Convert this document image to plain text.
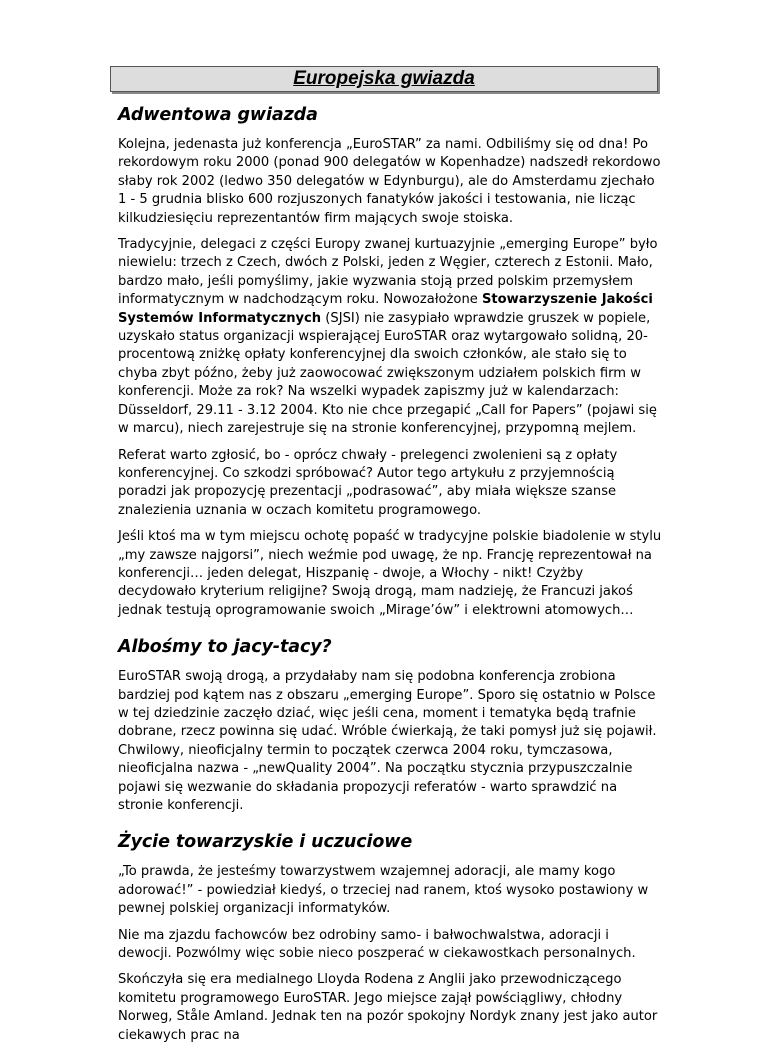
Europejska gwiazda
Adwentowa gwiazda

Kolejna, jedenasta już konferencja „EuroSTAR” za nami. Odbiliśmy się od dna! Po rekordowym roku 2000 (ponad 900 delegatów w Kopenhadze) nadszedł rekordowo słaby rok 2002 (ledwo 350 delegatów w Edynburgu), ale do Amsterdamu zjechało 1 - 5 grudnia blisko 600 rozjuszonych fanatyków jakości i testowania, nie licząc kilkudziesięciu reprezentantów firm mających swoje stoiska.

Tradycyjnie, delegaci z części Europy zwanej kurtuazyjnie „emerging Europe” było niewielu: trzech z Czech, dwóch z Polski, jeden z Węgier, czterech z Estonii. Mało, bardzo mało, jeśli pomyślimy, jakie wyzwania stoją przed polskim przemysłem informatycznym w nadchodzącym roku. Nowozałożone Stowarzyszenie Jakości Systemów Informatycznych (SJSI) nie zasypiało wprawdzie gruszek w popiele, uzyskało status organizacji wspierającej EuroSTAR oraz wytargowało solidną, 20-procentową zniżkę opłaty konferencyjnej dla swoich członków, ale stało się to chyba zbyt późno, żeby już zaowocować zwiększonym udziałem polskich firm w konferencji. Może za rok? Na wszelki wypadek zapiszmy już w kalendarzach: Düsseldorf, 29.11 - 3.12 2004. Kto nie chce przegapić „Call for Papers” (pojawi się w marcu), niech zarejestruje się na stronie konferencyjnej, przypomną mejlem.

Referat warto zgłosić, bo - oprócz chwały - prelegenci zwolenieni są z opłaty konferencyjnej. Co szkodzi spróbować? Autor tego artykułu z przyjemnością poradzi jak propozycję prezentacji „podrasować”, aby miała większe szanse znalezienia uznania w oczach komitetu programowego.

Jeśli ktoś ma w tym miejscu ochotę popaść w tradycyjne polskie biadolenie w stylu „my zawsze najgorsi”, niech weźmie pod uwagę, że np. Francję reprezentował na konferencji… jeden delegat, Hiszpanię - dwoje, a Włochy - nikt! Czyżby decydowało kryterium religijne? Swoją drogą, mam nadzieję, że Francuzi jakoś jednak testują oprogramowanie swoich „Mirage’ów” i elektrowni atomowych…

Albośmy to jacy-tacy?

EuroSTAR swoją drogą, a przydałaby nam się podobna konferencja zrobiona bardziej pod kątem nas z obszaru „emerging Europe”. Sporo się ostatnio w Polsce w tej dziedzinie zaczęło dziać, więc jeśli cena, moment i tematyka będą trafnie dobrane, rzecz powinna się udać. Wróble ćwierkają, że taki pomysł już się pojawił. Chwilowy, nieoficjalny termin to początek czerwca 2004 roku, tymczasowa, nieoficjalna nazwa - „newQuality 2004”. Na początku stycznia przypuszczalnie pojawi się wezwanie do składania propozycji referatów - warto sprawdzić na stronie konferencji.

Życie towarzyskie i uczuciowe

„To prawda, że jesteśmy towarzystwem wzajemnej adoracji, ale mamy kogo adorować!” - powiedział kiedyś, o trzeciej nad ranem, ktoś wysoko postawiony w pewnej polskiej organizacji informatyków.

Nie ma zjazdu fachowców bez odrobiny samo- i bałwochwalstwa, adoracji i dewocji. Pozwólmy więc sobie nieco poszperać w ciekawostkach personalnych.

Skończyła się era medialnego Lloyda Rodena z Anglii jako przewodniczącego komitetu programowego EuroSTAR. Jego miejsce zajął powściągliwy, chłodny Norweg, Ståle Amland. Jednak ten na pozór spokojny Nordyk znany jest jako autor ciekawych prac na
